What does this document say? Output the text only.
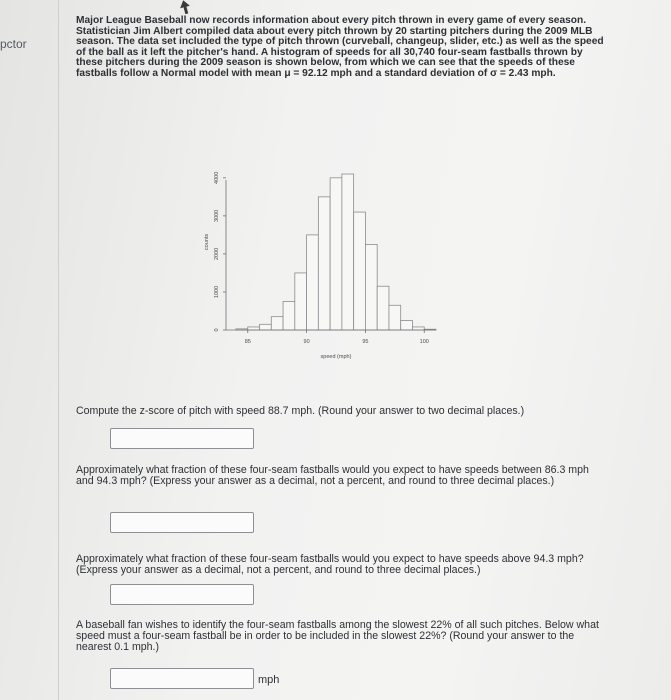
pctor

Major League Baseball now records information about every pitch thrown in every game of every season. Statistician Jim Albert compiled data about every pitch thrown by 20 starting pitchers during the 2009 MLB season. The data set included the type of pitch thrown (curveball, changeup, slider, etc.) as well as the speed of the ball as it left the pitcher's hand. A histogram of speeds for all 30,740 four-seam fastballs thrown by these pitchers during the 2009 season is shown below, from which we can see that the speeds of these fastballs follow a Normal model with mean μ = 92.12 mph and a standard deviation of σ = 2.43 mph.

85	90	95	100
0
1000
2000
3000
4000
speed (mph)
counts

Compute the z-score of pitch with speed 88.7 mph. (Round your answer to two decimal places.)

Approximately what fraction of these four-seam fastballs would you expect to have speeds between 86.3 mph and 94.3 mph? (Express your answer as a decimal, not a percent, and round to three decimal places.)

Approximately what fraction of these four-seam fastballs would you expect to have speeds above 94.3 mph? (Express your answer as a decimal, not a percent, and round to three decimal places.)

A baseball fan wishes to identify the four-seam fastballs among the slowest 22% of all such pitches. Below what speed must a four-seam fastball be in order to be included in the slowest 22%? (Round your answer to the nearest 0.1 mph.)

mph
